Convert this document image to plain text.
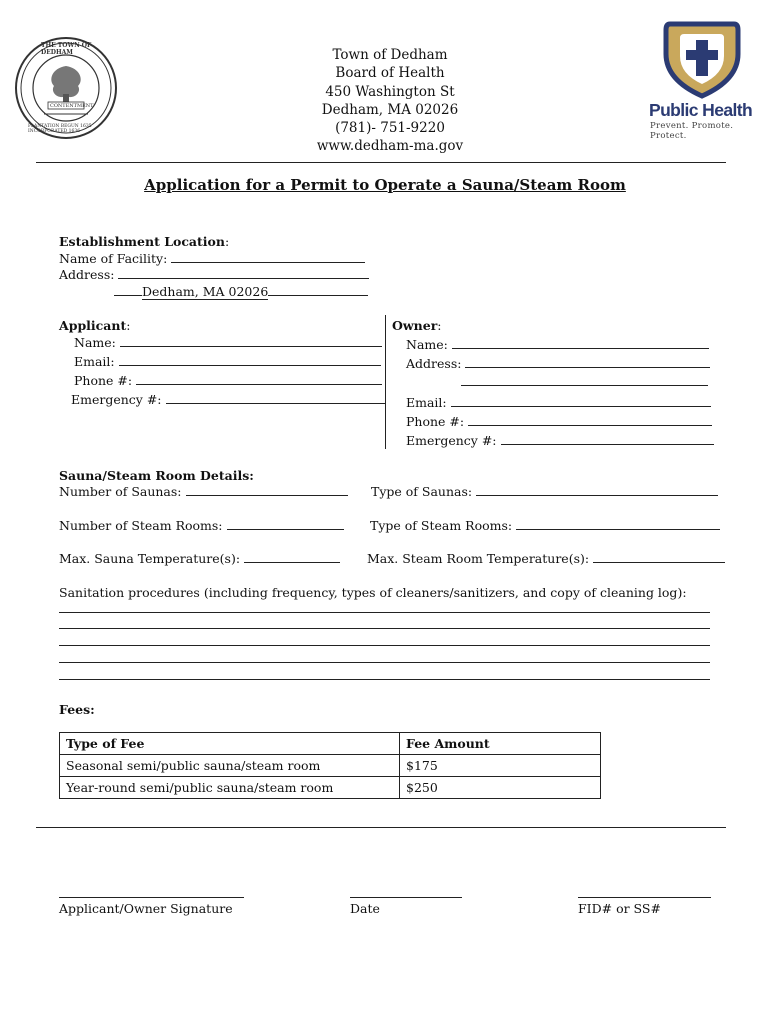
THE TOWN OF DEDHAM
CONTENTMENT
PLANTATION BEGUN 1635 INCORPORATED 1636
Town of Dedham
Board of Health
450 Washington St
Dedham, MA 02026
(781)- 751-9220
www.dedham-ma.gov
Public Health
Prevent. Promote. Protect.
Application for a Permit to Operate a Sauna/Steam Room
Establishment Location:
Name of Facility:
Address:
Dedham, MA 02026
Applicant:
Name:
Email:
Phone #:
Emergency #:
Owner:
Name:
Address:
Email:
Phone #:
Emergency #:
Sauna/Steam Room Details:
Number of Saunas:	Type of Saunas:
Number of Steam Rooms:	Type of Steam Rooms:
Max. Sauna Temperature(s):	Max. Steam Room Temperature(s):
Sanitation procedures (including frequency, types of cleaners/sanitizers, and copy of cleaning log):
Fees:
Type of Fee	Fee Amount
Seasonal semi/public sauna/steam room	$175
Year-round semi/public sauna/steam room	$250
Applicant/Owner Signature	Date	FID# or SS#
